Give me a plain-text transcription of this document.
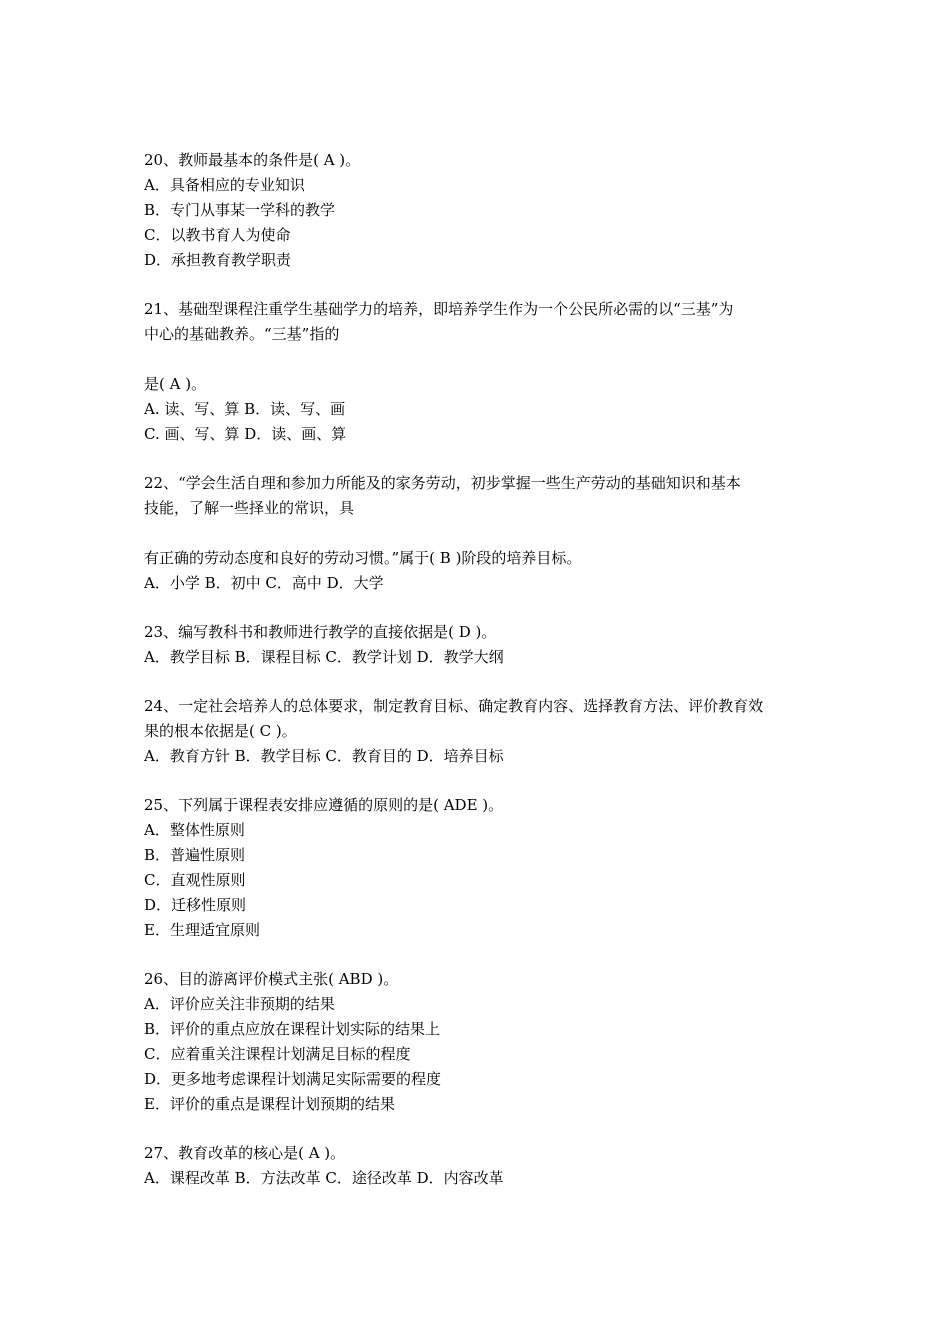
20、教师最基本的条件是( A )。
A．具备相应的专业知识
B．专门从事某一学科的教学
C．以教书育人为使命
D．承担教育教学职责
21、基础型课程注重学生基础学力的培养，即培养学生作为一个公民所必需的以“三基”为
中心的基础教养。“三基”指的
是( A )。
A. 读、写、算 B．读、写、画
C. 画、写、算 D．读、画、算
22、“学会生活自理和参加力所能及的家务劳动，初步掌握一些生产劳动的基础知识和基本
技能，了解一些择业的常识，具
有正确的劳动态度和良好的劳动习惯。”属于( B )阶段的培养目标。
A．小学 B．初中 C．高中 D．大学
23、编写教科书和教师进行教学的直接依据是( D )。
A．教学目标 B．课程目标 C．教学计划 D．教学大纲
24、一定社会培养人的总体要求，制定教育目标、确定教育内容、选择教育方法、评价教育效
果的根本依据是( C )。
A．教育方针 B．教学目标 C．教育目的 D．培养目标
25、下列属于课程表安排应遵循的原则的是( ADE )。
A．整体性原则
B．普遍性原则
C．直观性原则
D．迁移性原则
E．生理适宜原则
26、目的游离评价模式主张( ABD )。
A．评价应关注非预期的结果
B．评价的重点应放在课程计划实际的结果上
C．应着重关注课程计划满足目标的程度
D．更多地考虑课程计划满足实际需要的程度
E．评价的重点是课程计划预期的结果
27、教育改革的核心是( A )。
A．课程改革 B．方法改革 C．途径改革 D．内容改革
